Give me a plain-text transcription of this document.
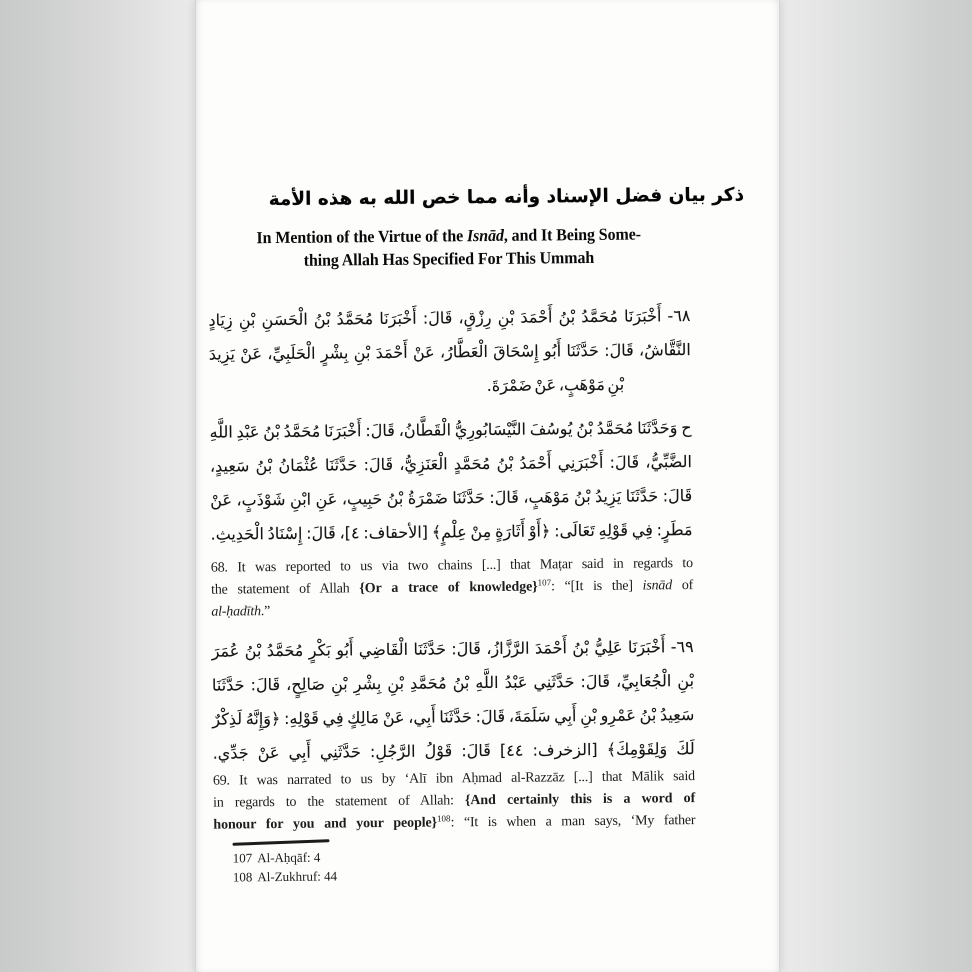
ذكر بيان فضل الإسناد وأنه مما خص الله به هذه الأمة
In Mention of the Virtue of the Isnād, and It Being Some-
thing Allah Has Specified For This Ummah
٦٨- أَخْبَرَنَا مُحَمَّدُ بْنُ أَحْمَدَ بْنِ رِزْقٍ، قَالَ: أَخْبَرَنَا مُحَمَّدُ بْنُ الْحَسَنِ بْنِ زِيَادٍ
النَّقَّاشُ، قَالَ: حَدَّثَنَا أَبُو إِسْحَاقَ الْعَطَّارُ، عَنْ أَحْمَدَ بْنِ بِشْرٍ الْحَلَبِيِّ، عَنْ يَزِيدَ
بْنِ مَوْهَبٍ، عَنْ ضَمْرَةَ.
ح وَحَدَّثَنَا مُحَمَّدُ بْنُ يُوسُفَ النَّيْسَابُورِيُّ الْقَطَّانُ، قَالَ: أَخْبَرَنَا مُحَمَّدُ بْنُ عَبْدِ اللَّهِ
الضَّبِّيُّ، قَالَ: أَخْبَرَنِي أَحْمَدُ بْنُ مُحَمَّدٍ الْعَنَزِيُّ، قَالَ: حَدَّثَنَا عُثْمَانُ بْنُ سَعِيدٍ،
قَالَ: حَدَّثَنَا يَزِيدُ بْنُ مَوْهَبٍ، قَالَ: حَدَّثَنَا ضَمْرَةُ بْنُ حَبِيبٍ، عَنِ ابْنِ شَوْذَبٍ، عَنْ
مَطَرٍ: فِي قَوْلِهِ تَعَالَى: ﴿أَوْ أَثَارَةٍ مِنْ عِلْمٍ﴾ [الأحقاف: ٤]، قَالَ: إِسْنَادُ الْحَدِيثِ.
68. It was reported to us via two chains [...] that Maṭar said in regards to
the statement of Allah {Or a trace of knowledge}$^{107}$: “[It is the] isnād of
al-ḥadīth.”
٦٩- أَخْبَرَنَا عَلِيُّ بْنُ أَحْمَدَ الرَّزَّازُ، قَالَ: حَدَّثَنَا الْقَاضِي أَبُو بَكْرٍ مُحَمَّدُ بْنُ عُمَرَ
بْنِ الْجُعَابِيِّ، قَالَ: حَدَّثَنِي عَبْدُ اللَّهِ بْنُ مُحَمَّدِ بْنِ بِشْرِ بْنِ صَالِحٍ، قَالَ: حَدَّثَنَا
سَعِيدُ بْنُ عَمْرِو بْنِ أَبِي سَلَمَةَ، قَالَ: حَدَّثَنَا أَبِي، عَنْ مَالِكٍ فِي قَوْلِهِ: ﴿وَإِنَّهُ لَذِكْرٌ
لَكَ وَلِقَوْمِكَ﴾ [الزخرف: ٤٤] قَالَ: قَوْلُ الرَّجُلِ: حَدَّثَنِي أَبِي عَنْ جَدِّي.
69. It was narrated to us by ‘Alī ibn Aḥmad al-Razzāz [...] that Mālik said
in regards to the statement of Allah: {And certainly this is a word of
honour for you and your people}$^{108}$: “It is when a man says, ‘My father
107 Al-Aḥqāf: 4
108 Al-Zukhruf: 44
